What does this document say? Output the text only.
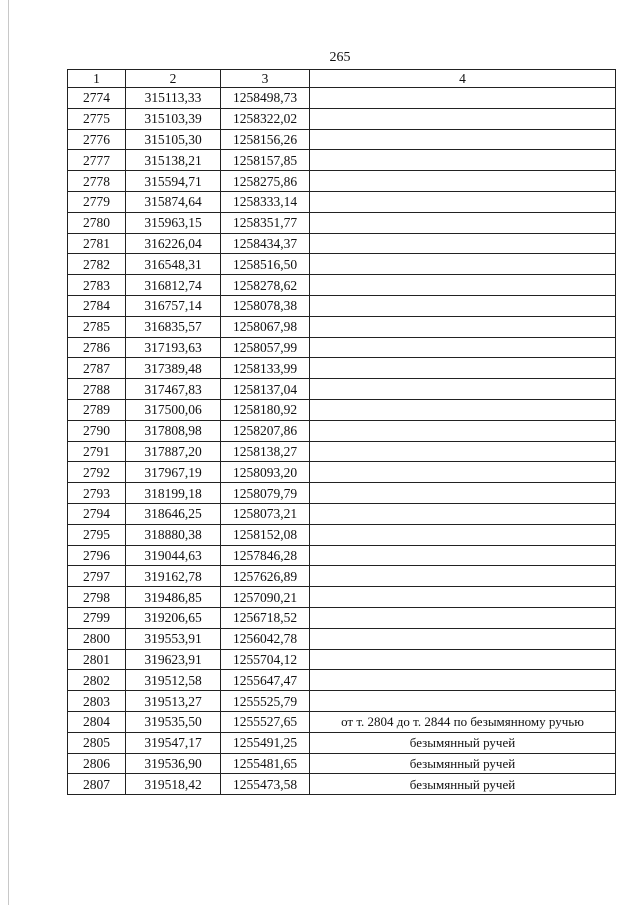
265
1	2	3	4
2774	315113,33	1258498,73	
2775	315103,39	1258322,02	
2776	315105,30	1258156,26	
2777	315138,21	1258157,85	
2778	315594,71	1258275,86	
2779	315874,64	1258333,14	
2780	315963,15	1258351,77	
2781	316226,04	1258434,37	
2782	316548,31	1258516,50	
2783	316812,74	1258278,62	
2784	316757,14	1258078,38	
2785	316835,57	1258067,98	
2786	317193,63	1258057,99	
2787	317389,48	1258133,99	
2788	317467,83	1258137,04	
2789	317500,06	1258180,92	
2790	317808,98	1258207,86	
2791	317887,20	1258138,27	
2792	317967,19	1258093,20	
2793	318199,18	1258079,79	
2794	318646,25	1258073,21	
2795	318880,38	1258152,08	
2796	319044,63	1257846,28	
2797	319162,78	1257626,89	
2798	319486,85	1257090,21	
2799	319206,65	1256718,52	
2800	319553,91	1256042,78	
2801	319623,91	1255704,12	
2802	319512,58	1255647,47	
2803	319513,27	1255525,79	
2804	319535,50	1255527,65	от т. 2804 до т. 2844 по безымянному ручью
2805	319547,17	1255491,25	безымянный ручей
2806	319536,90	1255481,65	безымянный ручей
2807	319518,42	1255473,58	безымянный ручей
